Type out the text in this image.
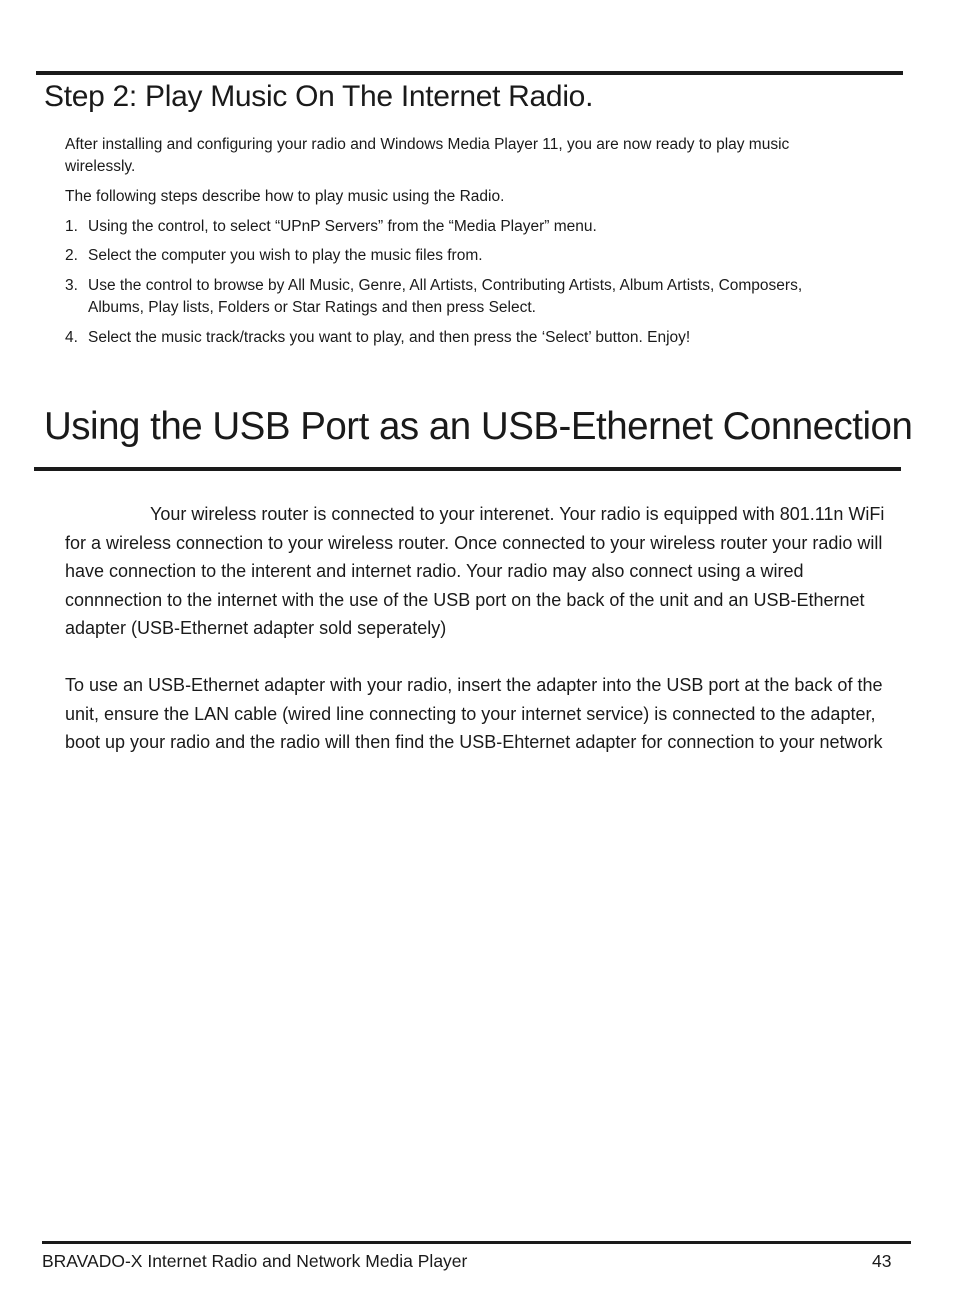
Step 2: Play Music On The Internet Radio.

After installing and configuring your radio and Windows Media Player 11, you are now ready to play music wirelessly.

The following steps describe how to play music using the Radio.

1. Using the control, to select “UPnP Servers” from the “Media Player” menu.
2. Select the computer you wish to play the music files from.
3. Use the control to browse by All Music, Genre, All Artists, Contributing Artists, Album Artists, Composers, Albums, Play lists, Folders or Star Ratings and then press Select.
4. Select the music track/tracks you want to play, and then press the ‘Select’ button. Enjoy!
Using the USB Port as an USB-Ethernet Connection

Your wireless router is connected to your interenet. Your radio is equipped with 801.11n WiFi for a wireless connection to your wireless router. Once connected to your wireless router your radio will have connection to the interent and internet radio. Your radio may also connect using a wired connnection to the internet with the use of the USB port on the back of the unit and an USB-Ethernet adapter (USB-Ethernet adapter sold seperately)

To use an USB-Ethernet adapter with your radio, insert the adapter into the USB port at the back of the unit, ensure the LAN cable (wired line connecting to your internet service) is connected to the adapter, boot up your radio and the radio will then find the USB-Ehternet adapter for connection to your network

BRAVADO-X Internet Radio and Network Media Player	43
